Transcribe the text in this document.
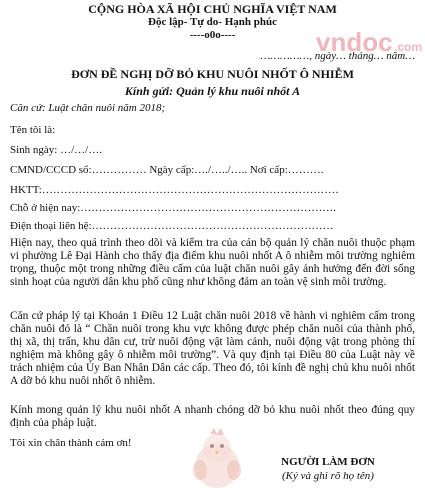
CỘNG HÒA XÃ HỘI CHỦ NGHĨA VIỆT NAM
Độc lập- Tự do- Hạnh phúc
----o0o----	vndoc .com
……………, ngày… tháng… năm…
ĐƠN ĐỀ NGHỊ DỠ BỎ KHU NUÔI NHỐT Ô NHIỄM
Kính gửi: Quản lý khu nuôi nhốt A
Căn cứ: Luật chăn nuôi năm 2018;
Tên tôi là:
Sinh ngày: …/…/….
CMND/CCCD số:…………… Ngày cấp:…./…../….. Nơi cấp:……….
HKTT:………………………………………………………………………
Chỗ ở hiện nay:…………………………………………………………….
Điện thoại liên hệ:…………………………………………………………
Hiện nay, theo quá trình theo dõi và kiểm tra của cán bộ quản lý chăn nuôi thuộc phạm vi phường Lê Đại Hành cho thấy địa điểm khu nuôi nhốt A ô nhiễm môi trường nghiêm trọng, thuộc một trong những điều cấm của luật chăn nuôi gây ảnh hưởng đến đời sống sinh hoạt của người dân khu phố cũng như không đảm an toàn vệ sinh môi trường.
Căn cứ pháp lý tại Khoản 1 Điều 12 Luật chăn nuôi 2018 về hành vi nghiêm cấm trong chăn nuôi đó là “ Chăn nuôi trong khu vực không được phép chăn nuôi của thành phố, thị xã, thị trấn, khu dân cư, trừ nuôi động vật làm cảnh, nuôi động vật trong phòng thí nghiệm mà không gây ô nhiễm môi trường”. Và quy định tại Điều 80 của Luật này về trách nhiệm của Ủy Ban Nhân Dân các cấp. Theo đó, tôi kính đề nghị chủ khu nuôi nhốt A dỡ bỏ khu nuôi nhốt ô nhiễm.
Kính mong quản lý khu nuôi nhốt A nhanh chóng dỡ bỏ khu nuôi nhốt theo đúng quy định của pháp luật.
Tôi xin chân thành cảm ơn!
NGƯỜI LÀM ĐƠN
(Ký và ghi rõ họ tên)
